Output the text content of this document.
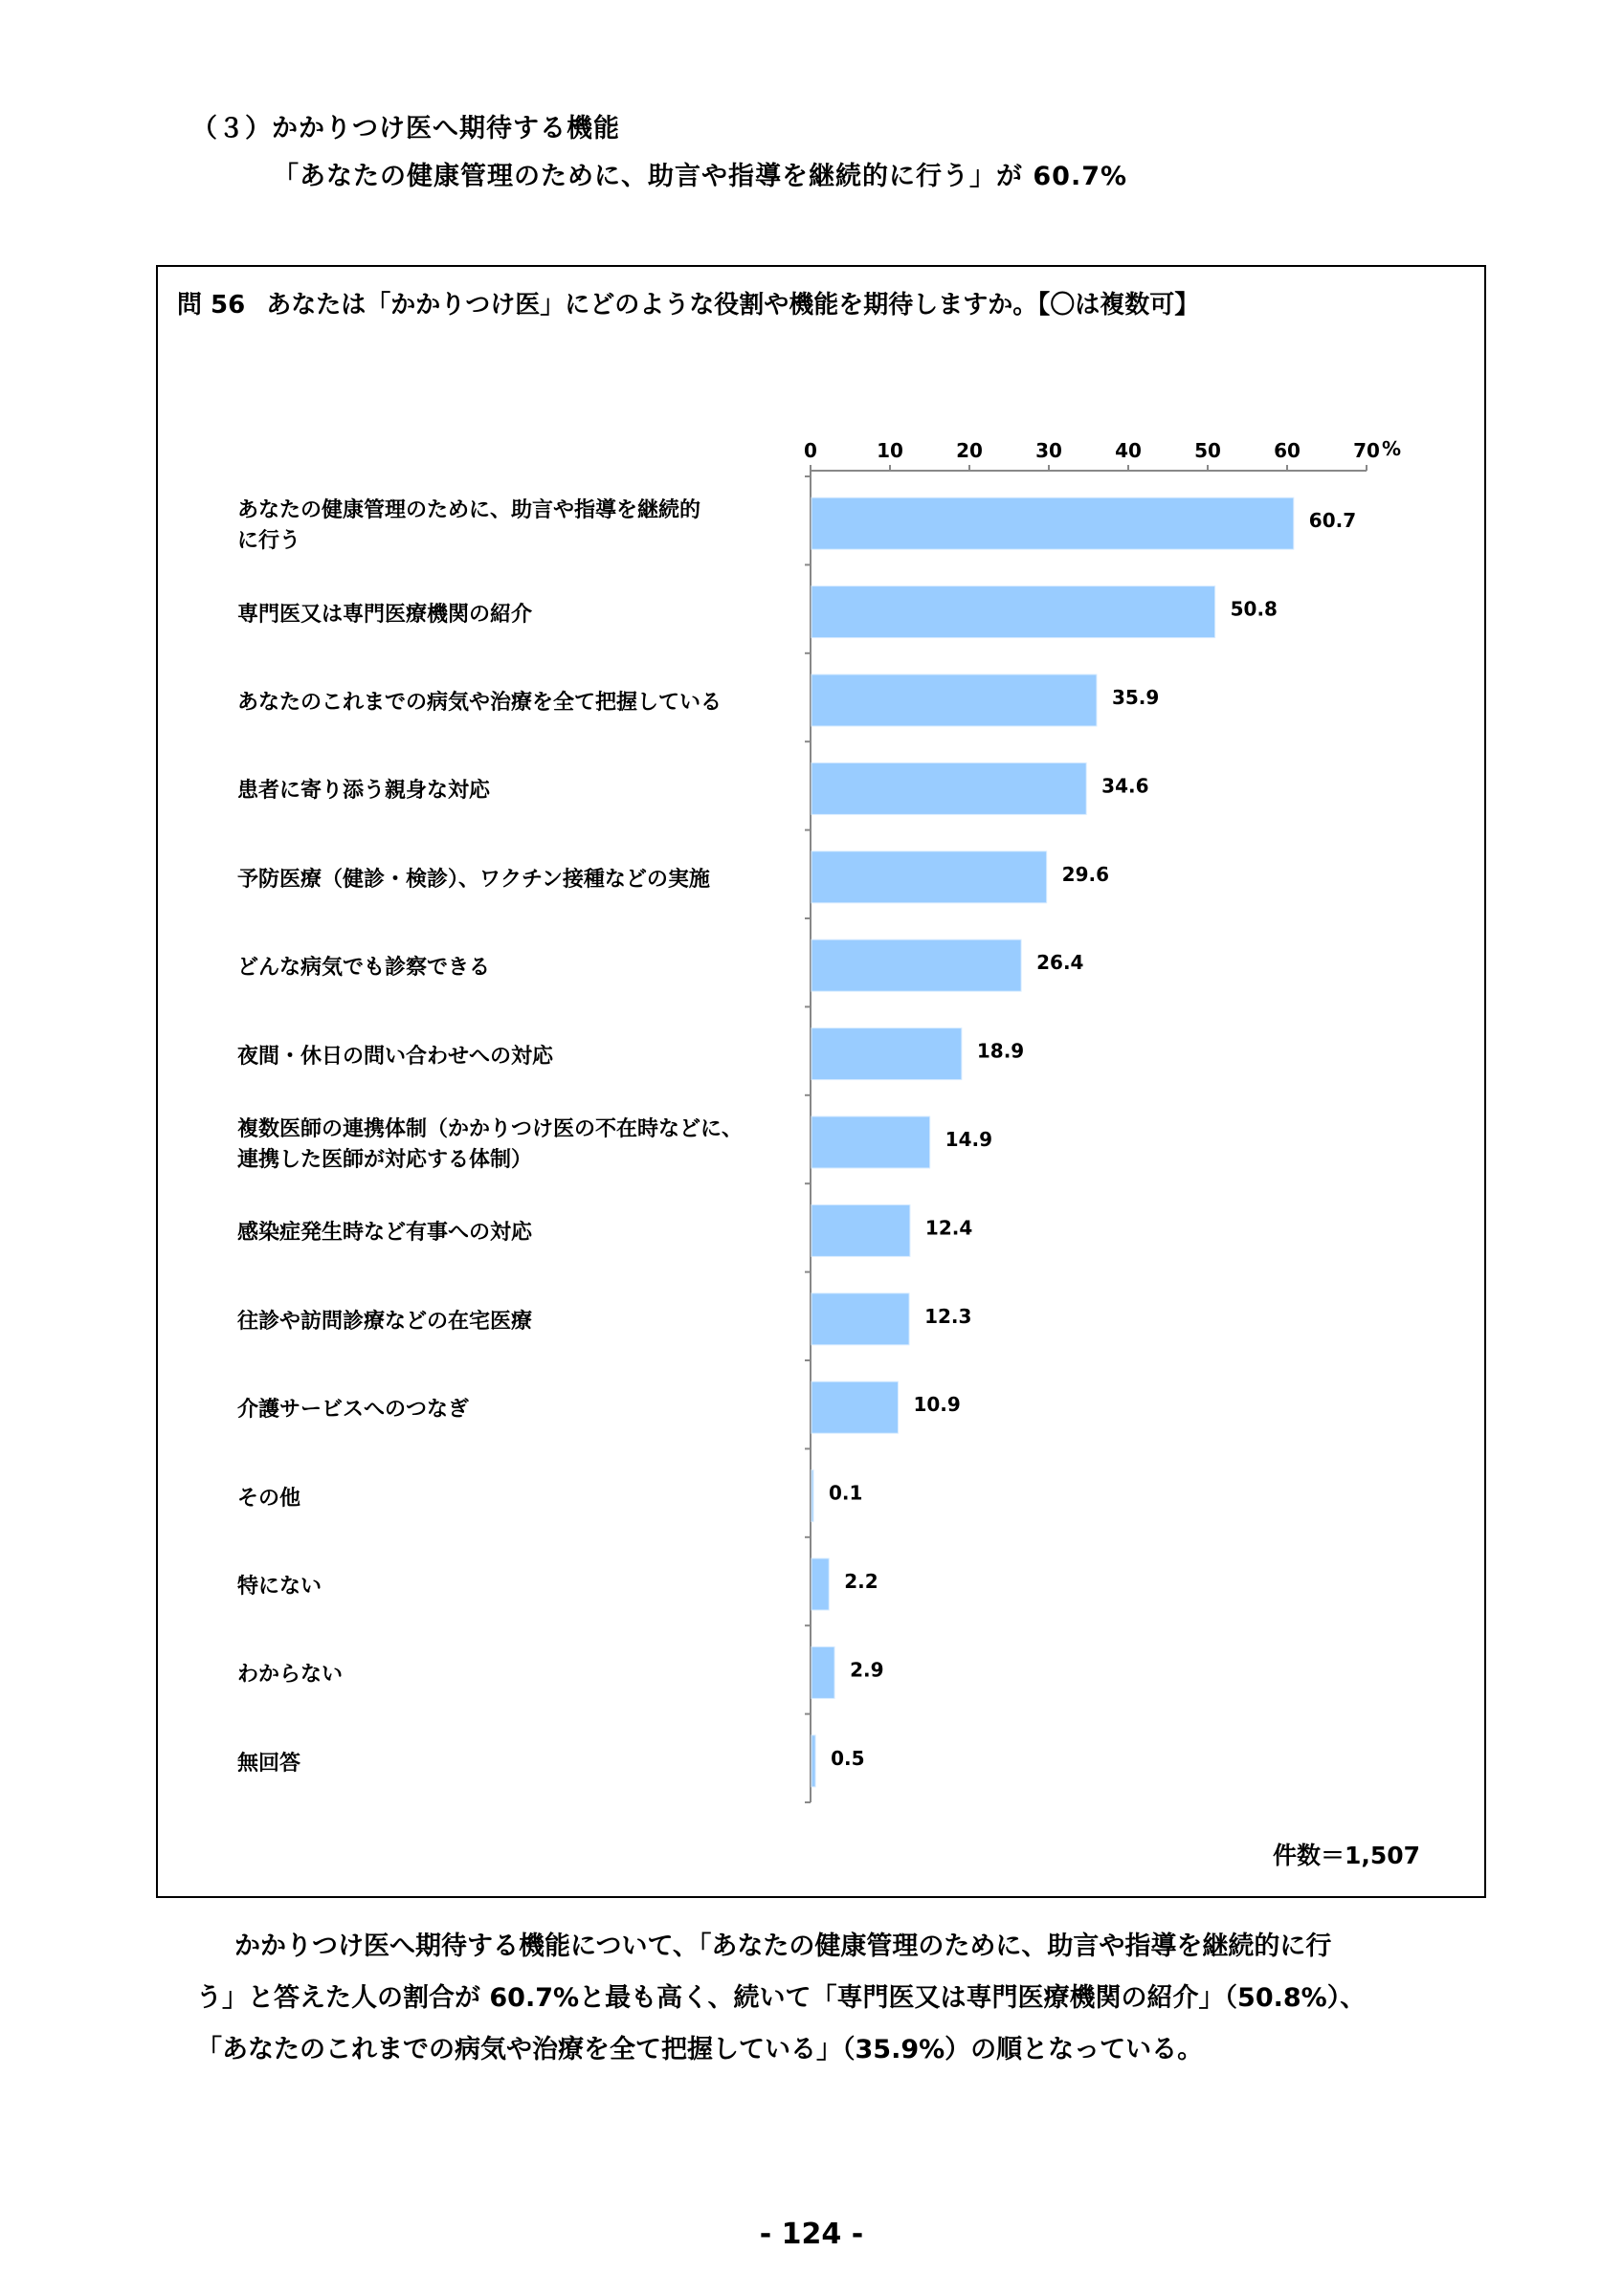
（３）かかりつけ医へ期待する機能
「あなたの健康管理のために、助言や指導を継続的に行う」が 60.7%
問 56 あなたは「かかりつけ医」にどのような役割や機能を期待しますか。【〇は複数可】
あなたの健康管理のために、助言や指導を継続的
に行う
専門医又は専門医療機関の紹介
あなたのこれまでの病気や治療を全て把握している
患者に寄り添う親身な対応
予防医療（健診・検診）、ワクチン接種などの実施
どんな病気でも診察できる
夜間・休日の問い合わせへの対応
複数医師の連携体制（かかりつけ医の不在時などに、
連携した医師が対応する体制）
感染症発生時など有事への対応
往診や訪問診療などの在宅医療
介護サービスへのつなぎ
その他
特にない
わからない
無回答
0	10	20	30	40	50	60	70 %
60.7
50.8
35.9
34.6
29.6
26.4
18.9
14.9
12.4
12.3
10.9
0.1
2.2
2.9
0.5
件数＝1,507
かかりつけ医へ期待する機能について、「あなたの健康管理のために、助言や指導を継続的に行
う」と答えた人の割合が 60.7%と最も高く、続いて「専門医又は専門医療機関の紹介」（50.8%）、
「あなたのこれまでの病気や治療を全て把握している」（35.9%）の順となっている。
- 124 -
